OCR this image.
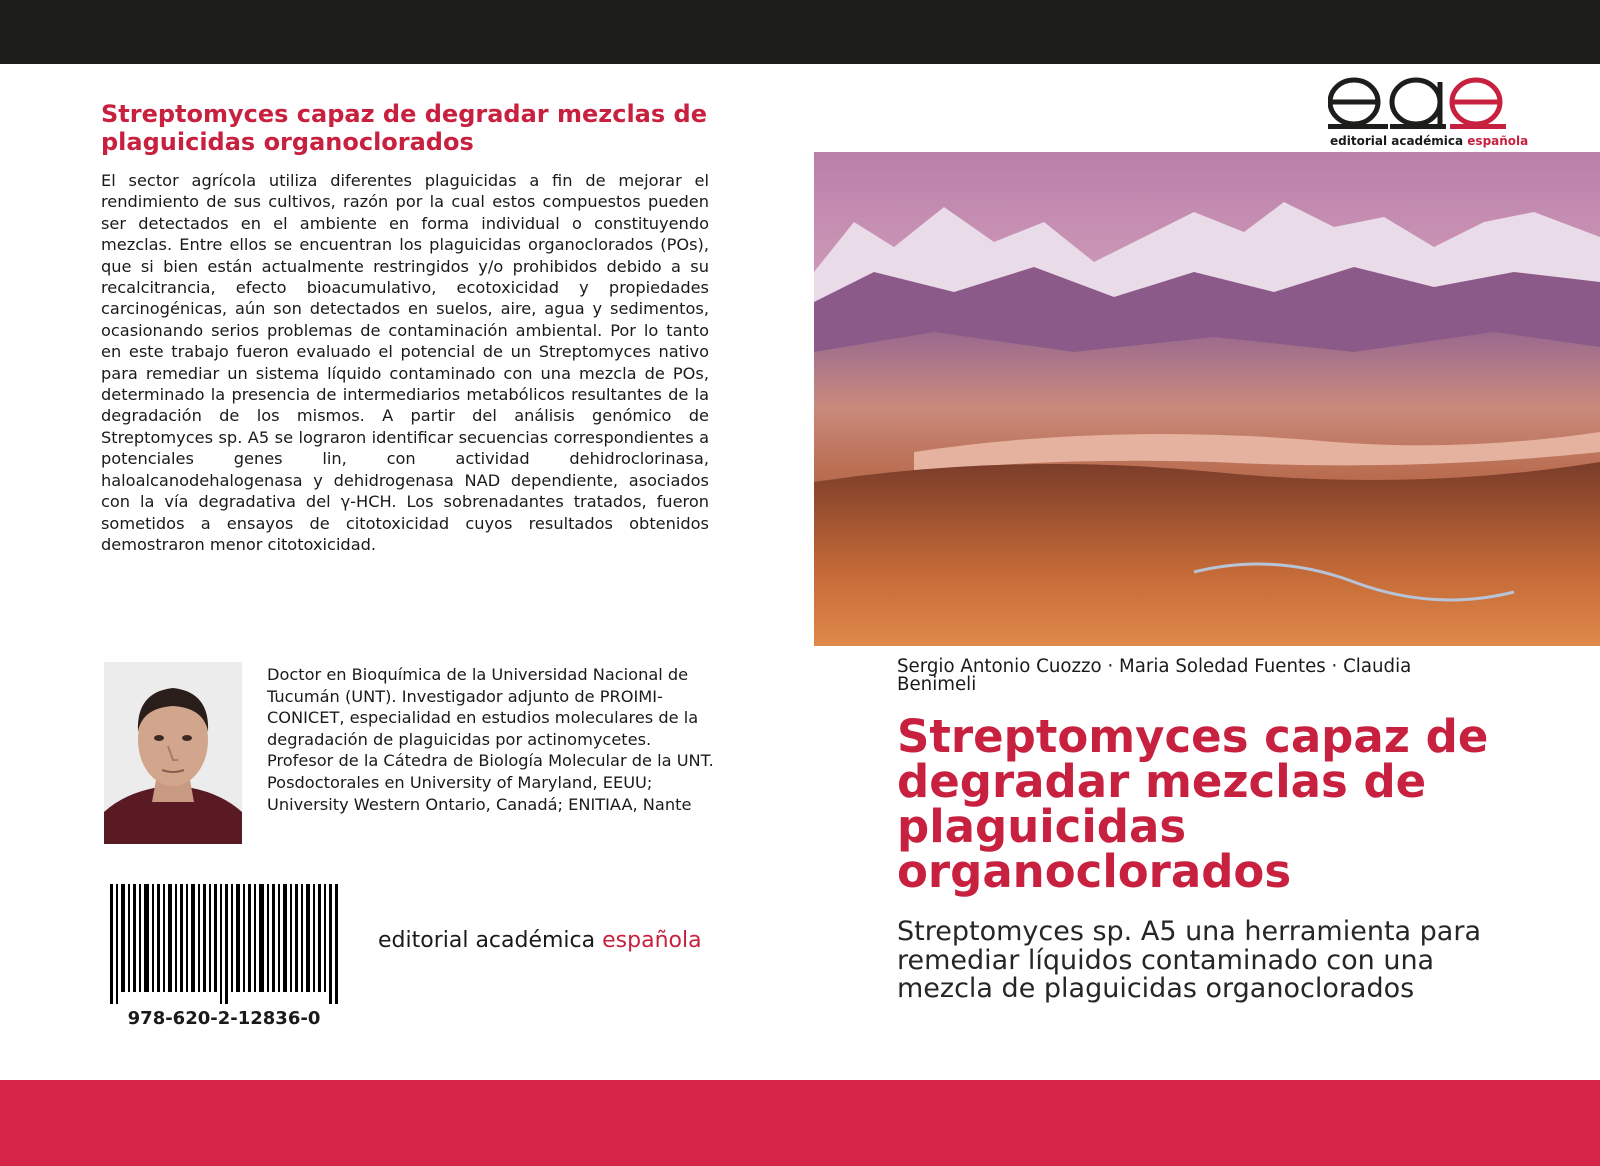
Streptomyces capaz de degradar mezclas de plaguicidas organoclorados

El sector agrícola utiliza diferentes plaguicidas a fin de mejorar el rendimiento de sus cultivos, razón por la cual estos compuestos pueden ser detectados en el ambiente en forma individual o constituyendo mezclas. Entre ellos se encuentran los plaguicidas organoclorados (POs), que si bien están actualmente restringidos y/o prohibidos debido a su recalcitrancia, efecto bioacumulativo, ecotoxicidad y propiedades carcinogénicas, aún son detectados en suelos, aire, agua y sedimentos, ocasionando serios problemas de contaminación ambiental. Por lo tanto en este trabajo fueron evaluado el potencial de un Streptomyces nativo para remediar un sistema líquido contaminado con una mezcla de POs, determinado la presencia de intermediarios metabólicos resultantes de la degradación de los mismos. A partir del análisis genómico de Streptomyces sp. A5 se lograron identificar secuencias correspondientes a potenciales genes lin, con actividad dehidroclorinasa, haloalcanodehalogenasa y dehidrogenasa NAD dependiente, asociados con la vía degradativa del γ-HCH. Los sobrenadantes tratados, fueron sometidos a ensayos de citotoxicidad cuyos resultados obtenidos demostraron menor citotoxicidad.

Doctor en Bioquímica de la Universidad Nacional de Tucumán (UNT). Investigador adjunto de PROIMI-CONICET, especialidad en estudios moleculares de la degradación de plaguicidas por actinomycetes. Profesor de la Cátedra de Biología Molecular de la UNT. Posdoctorales en University of Maryland, EEUU; University Western Ontario, Canadá; ENITIAA, Nante

978-620-2-12836-0
editorial académica española
editorial académica española

Sergio Antonio Cuozzo · Maria Soledad Fuentes · Claudia Benimeli

Streptomyces capaz de degradar mezclas de plaguicidas organoclorados

Streptomyces sp. A5 una herramienta para remediar líquidos contaminado con una mezcla de plaguicidas organoclorados
